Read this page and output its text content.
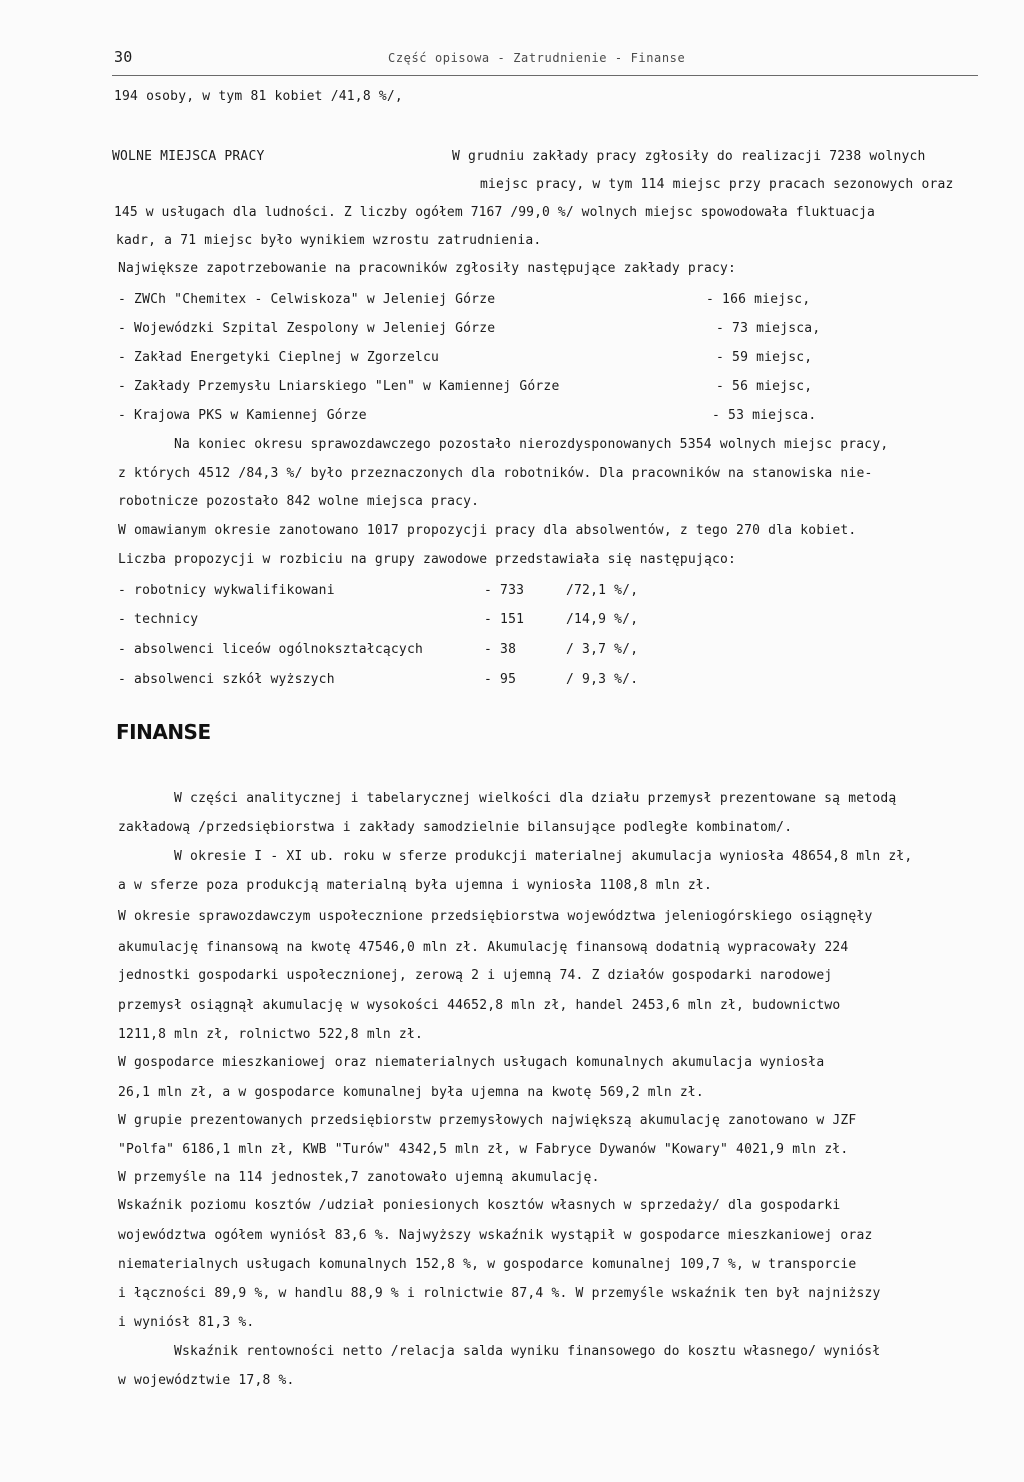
30	Część opisowa - Zatrudnienie - Finanse
194 osoby, w tym 81 kobiet /41,8 %/,
WOLNE MIEJSCA PRACY	W grudniu zakłady pracy zgłosiły do realizacji 7238 wolnych
miejsc pracy, w tym 114 miejsc przy pracach sezonowych oraz
145 w usługach dla ludności. Z liczby ogółem 7167 /99,0 %/ wolnych miejsc spowodowała fluktuacja
kadr, a 71 miejsc było wynikiem wzrostu zatrudnienia.
Największe zapotrzebowanie na pracowników zgłosiły następujące zakłady pracy:
- ZWCh "Chemitex - Celwiskoza" w Jeleniej Górze	- 166 miejsc,
- Wojewódzki Szpital Zespolony w Jeleniej Górze	- 73 miejsca,
- Zakład Energetyki Cieplnej w Zgorzelcu	- 59 miejsc,
- Zakłady Przemysłu Lniarskiego "Len" w Kamiennej Górze	- 56 miejsc,
- Krajowa PKS w Kamiennej Górze	- 53 miejsca.
Na koniec okresu sprawozdawczego pozostało nierozdysponowanych 5354 wolnych miejsc pracy,
z których 4512 /84,3 %/ było przeznaczonych dla robotników. Dla pracowników na stanowiska nie-
robotnicze pozostało 842 wolne miejsca pracy.
W omawianym okresie zanotowano 1017 propozycji pracy dla absolwentów, z tego 270 dla kobiet.
Liczba propozycji w rozbiciu na grupy zawodowe przedstawiała się następująco:
- robotnicy wykwalifikowani	- 733	/72,1 %/,
- technicy	- 151	/14,9 %/,
- absolwenci liceów ogólnokształcących	- 38	/ 3,7 %/,
- absolwenci szkół wyższych	- 95	/ 9,3 %/.
FINANSE
W części analitycznej i tabelarycznej wielkości dla działu przemysł prezentowane są metodą
zakładową /przedsiębiorstwa i zakłady samodzielnie bilansujące podległe kombinatom/.
W okresie I - XI ub. roku w sferze produkcji materialnej akumulacja wyniosła 48654,8 mln zł,
a w sferze poza produkcją materialną była ujemna i wyniosła 1108,8 mln zł.
W okresie sprawozdawczym uspołecznione przedsiębiorstwa województwa jeleniogórskiego osiągnęły
akumulację finansową na kwotę 47546,0 mln zł. Akumulację finansową dodatnią wypracowały 224
jednostki gospodarki uspołecznionej, zerową 2 i ujemną 74. Z działów gospodarki narodowej
przemysł osiągnął akumulację w wysokości 44652,8 mln zł, handel 2453,6 mln zł, budownictwo
1211,8 mln zł, rolnictwo 522,8 mln zł.
W gospodarce mieszkaniowej oraz niematerialnych usługach komunalnych akumulacja wyniosła
26,1 mln zł, a w gospodarce komunalnej była ujemna na kwotę 569,2 mln zł.
W grupie prezentowanych przedsiębiorstw przemysłowych największą akumulację zanotowano w JZF
"Polfa" 6186,1 mln zł, KWB "Turów" 4342,5 mln zł, w Fabryce Dywanów "Kowary" 4021,9 mln zł.
W przemyśle na 114 jednostek,7 zanotowało ujemną akumulację.
Wskaźnik poziomu kosztów /udział poniesionych kosztów własnych w sprzedaży/ dla gospodarki
województwa ogółem wyniósł 83,6 %. Najwyższy wskaźnik wystąpił w gospodarce mieszkaniowej oraz
niematerialnych usługach komunalnych 152,8 %, w gospodarce komunalnej 109,7 %, w transporcie
i łączności 89,9 %, w handlu 88,9 % i rolnictwie 87,4 %. W przemyśle wskaźnik ten był najniższy
i wyniósł 81,3 %.
Wskaźnik rentowności netto /relacja salda wyniku finansowego do kosztu własnego/ wyniósł
w województwie 17,8 %.
